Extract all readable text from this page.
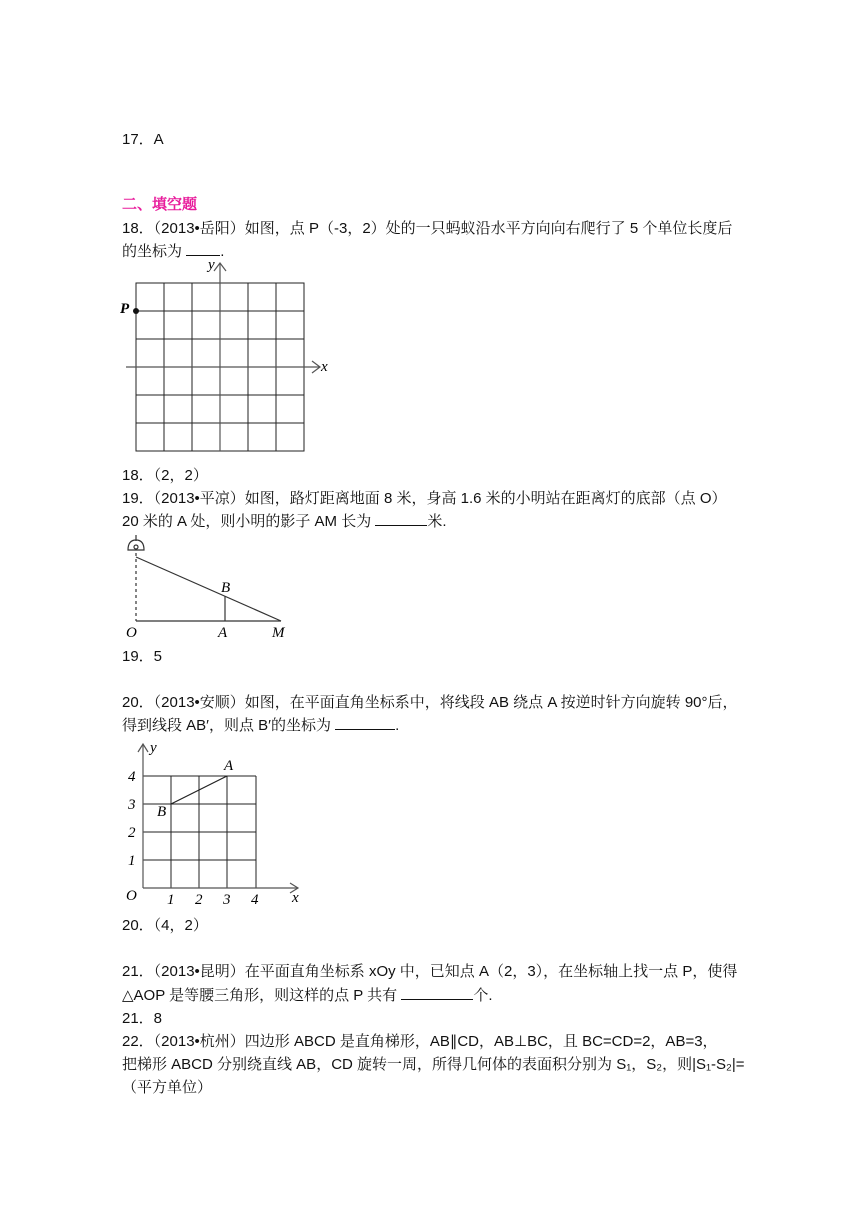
17．A
二、填空题
18．（2013•岳阳）如图，点 P（-3，2）处的一只蚂蚁沿水平方向向右爬行了 5 个单位长度后
的坐标为	.
P
x
y
18．（2，2）
19．（2013•平凉）如图，路灯距离地面 8 米，身高 1.6 米的小明站在距离灯的底部（点 O）
20 米的 A 处，则小明的影子 AM 长为	米.
O	A	M
B
19．5
20．（2013•安顺）如图，在平面直角坐标系中，将线段 AB 绕点 A 按逆时针方向旋转 90°后，
得到线段 AB′，则点 B′的坐标为	.
A
B
O	x
y
1 2 3 4
1
2
3
4
20．（4，2）
21．（2013•昆明）在平面直角坐标系 xOy 中，已知点 A（2，3），在坐标轴上找一点 P，使得
△AOP 是等腰三角形，则这样的点 P 共有	个.
21．8
22．（2013•杭州）四边形 ABCD 是直角梯形，AB∥CD，AB⊥BC，且 BC=CD=2，AB=3，
把梯形 ABCD 分别绕直线 AB，CD 旋转一周，所得几何体的表面积分别为 S₁，S₂，则|S₁-S₂|=
（平方单位）
